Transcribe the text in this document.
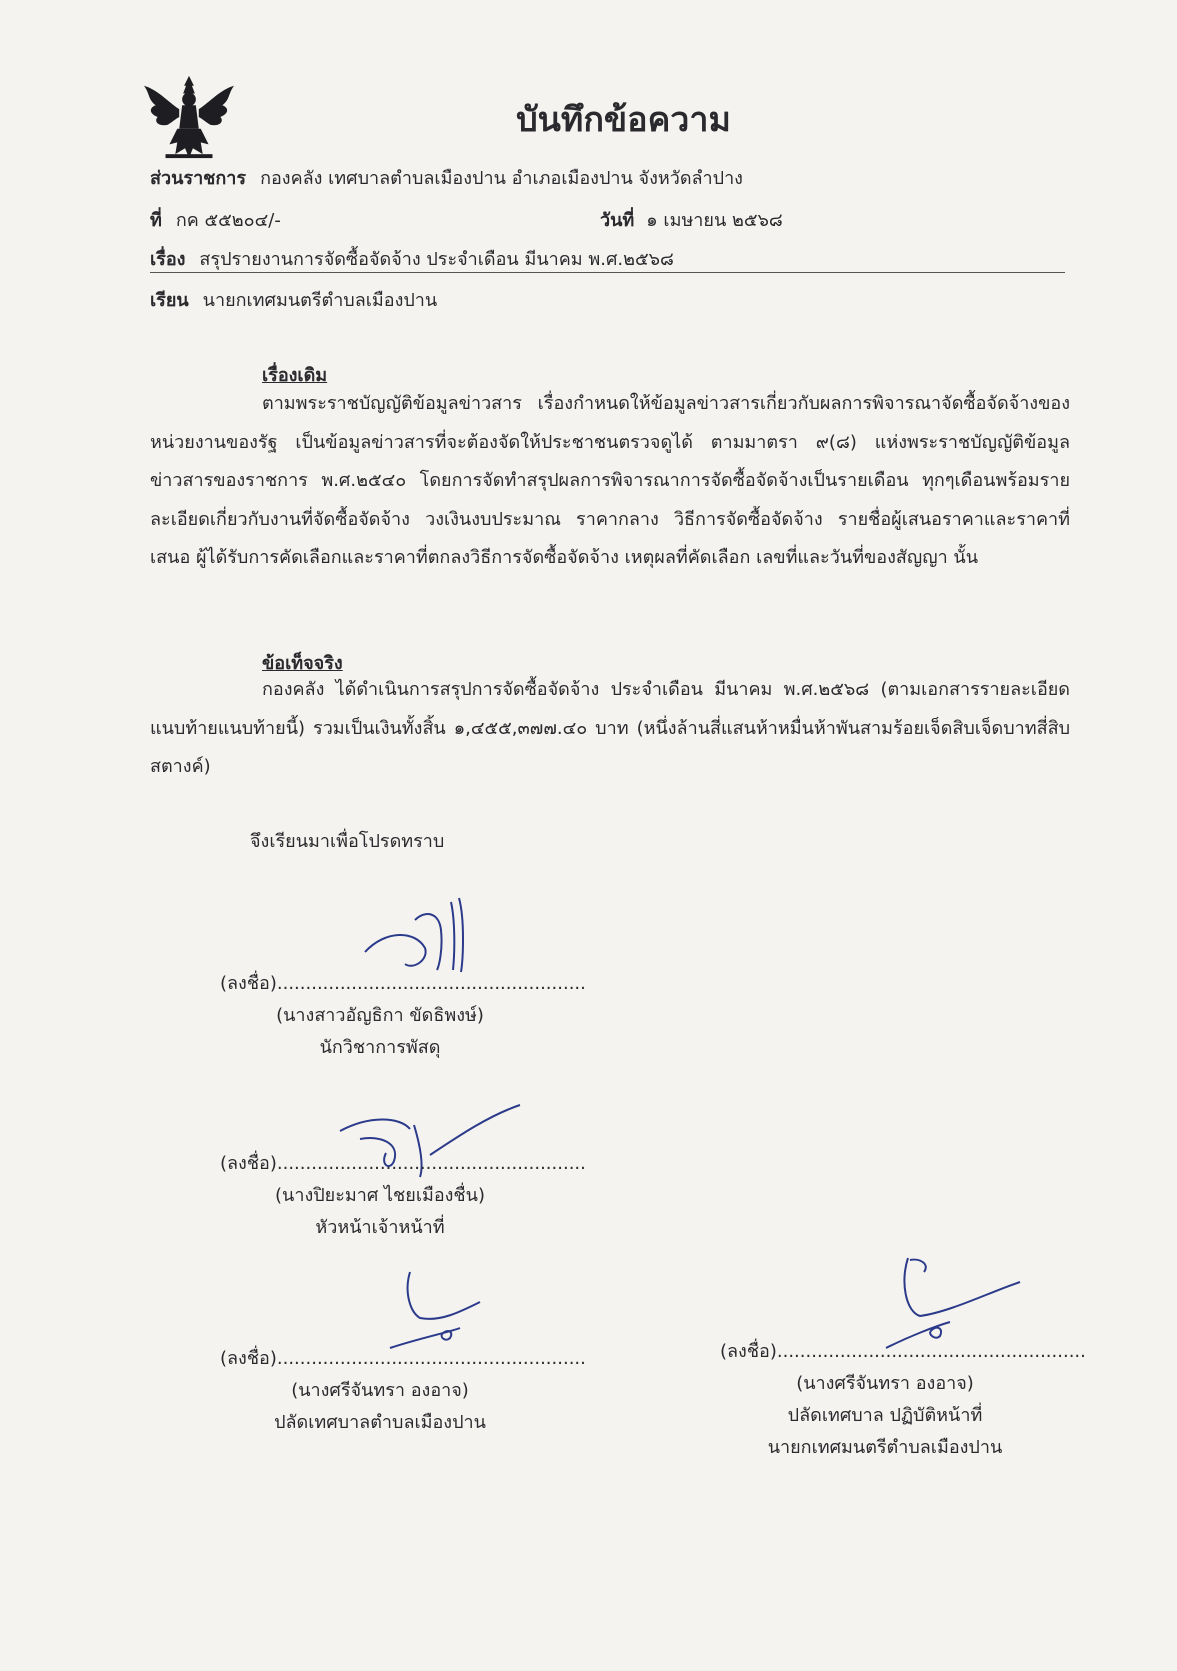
บันทึกข้อความ
ส่วนราชการ กองคลัง เทศบาลตำบลเมืองปาน อำเภอเมืองปาน จังหวัดลำปาง
ที่ กค ๕๕๒๐๔/-	วันที่ ๑ เมษายน ๒๕๖๘
เรื่อง สรุปรายงานการจัดซื้อจัดจ้าง ประจำเดือน มีนาคม พ.ศ.๒๕๖๘
เรียน นายกเทศมนตรีตำบลเมืองปาน
เรื่องเดิม

ตามพระราชบัญญัติข้อมูลข่าวสาร เรื่องกำหนดให้ข้อมูลข่าวสารเกี่ยวกับผลการพิจารณาจัดซื้อจัดจ้างของหน่วยงานของรัฐ เป็นข้อมูลข่าวสารที่จะต้องจัดให้ประชาชนตรวจดูได้ ตามมาตรา ๙(๘) แห่งพระราชบัญญัติข้อมูลข่าวสารของราชการ พ.ศ.๒๕๔๐ โดยการจัดทำสรุปผลการพิจารณาการจัดซื้อจัดจ้างเป็นรายเดือน ทุกๆเดือนพร้อมรายละเอียดเกี่ยวกับงานที่จัดซื้อจัดจ้าง วงเงินงบประมาณ ราคากลาง วิธีการจัดซื้อจัดจ้าง รายชื่อผู้เสนอราคาและราคาที่เสนอ ผู้ได้รับการคัดเลือกและราคาที่ตกลงวิธีการจัดซื้อจัดจ้าง เหตุผลที่คัดเลือก เลขที่และวันที่ของสัญญา นั้น

ข้อเท็จจริง

กองคลัง ได้ดำเนินการสรุปการจัดซื้อจัดจ้าง ประจำเดือน มีนาคม พ.ศ.๒๕๖๘ (ตามเอกสารรายละเอียดแนบท้ายแนบท้ายนี้) รวมเป็นเงินทั้งสิ้น ๑,๔๕๕,๓๗๗.๔๐ บาท (หนึ่งล้านสี่แสนห้าหมื่นห้าพันสามร้อยเจ็ดสิบเจ็ดบาทสี่สิบสตางค์)

จึงเรียนมาเพื่อโปรดทราบ
(ลงชื่อ)......................................................
(นางสาวอัญธิกา ขัดธิพงษ์)
นักวิชาการพัสดุ
(ลงชื่อ)......................................................
(นางปิยะมาศ ไชยเมืองชื่น)
หัวหน้าเจ้าหน้าที่
(ลงชื่อ)......................................................
(นางศรีจันทรา องอาจ)
ปลัดเทศบาลตำบลเมืองปาน
(ลงชื่อ)......................................................
(นางศรีจันทรา องอาจ)
ปลัดเทศบาล ปฏิบัติหน้าที่
นายกเทศมนตรีตำบลเมืองปาน
